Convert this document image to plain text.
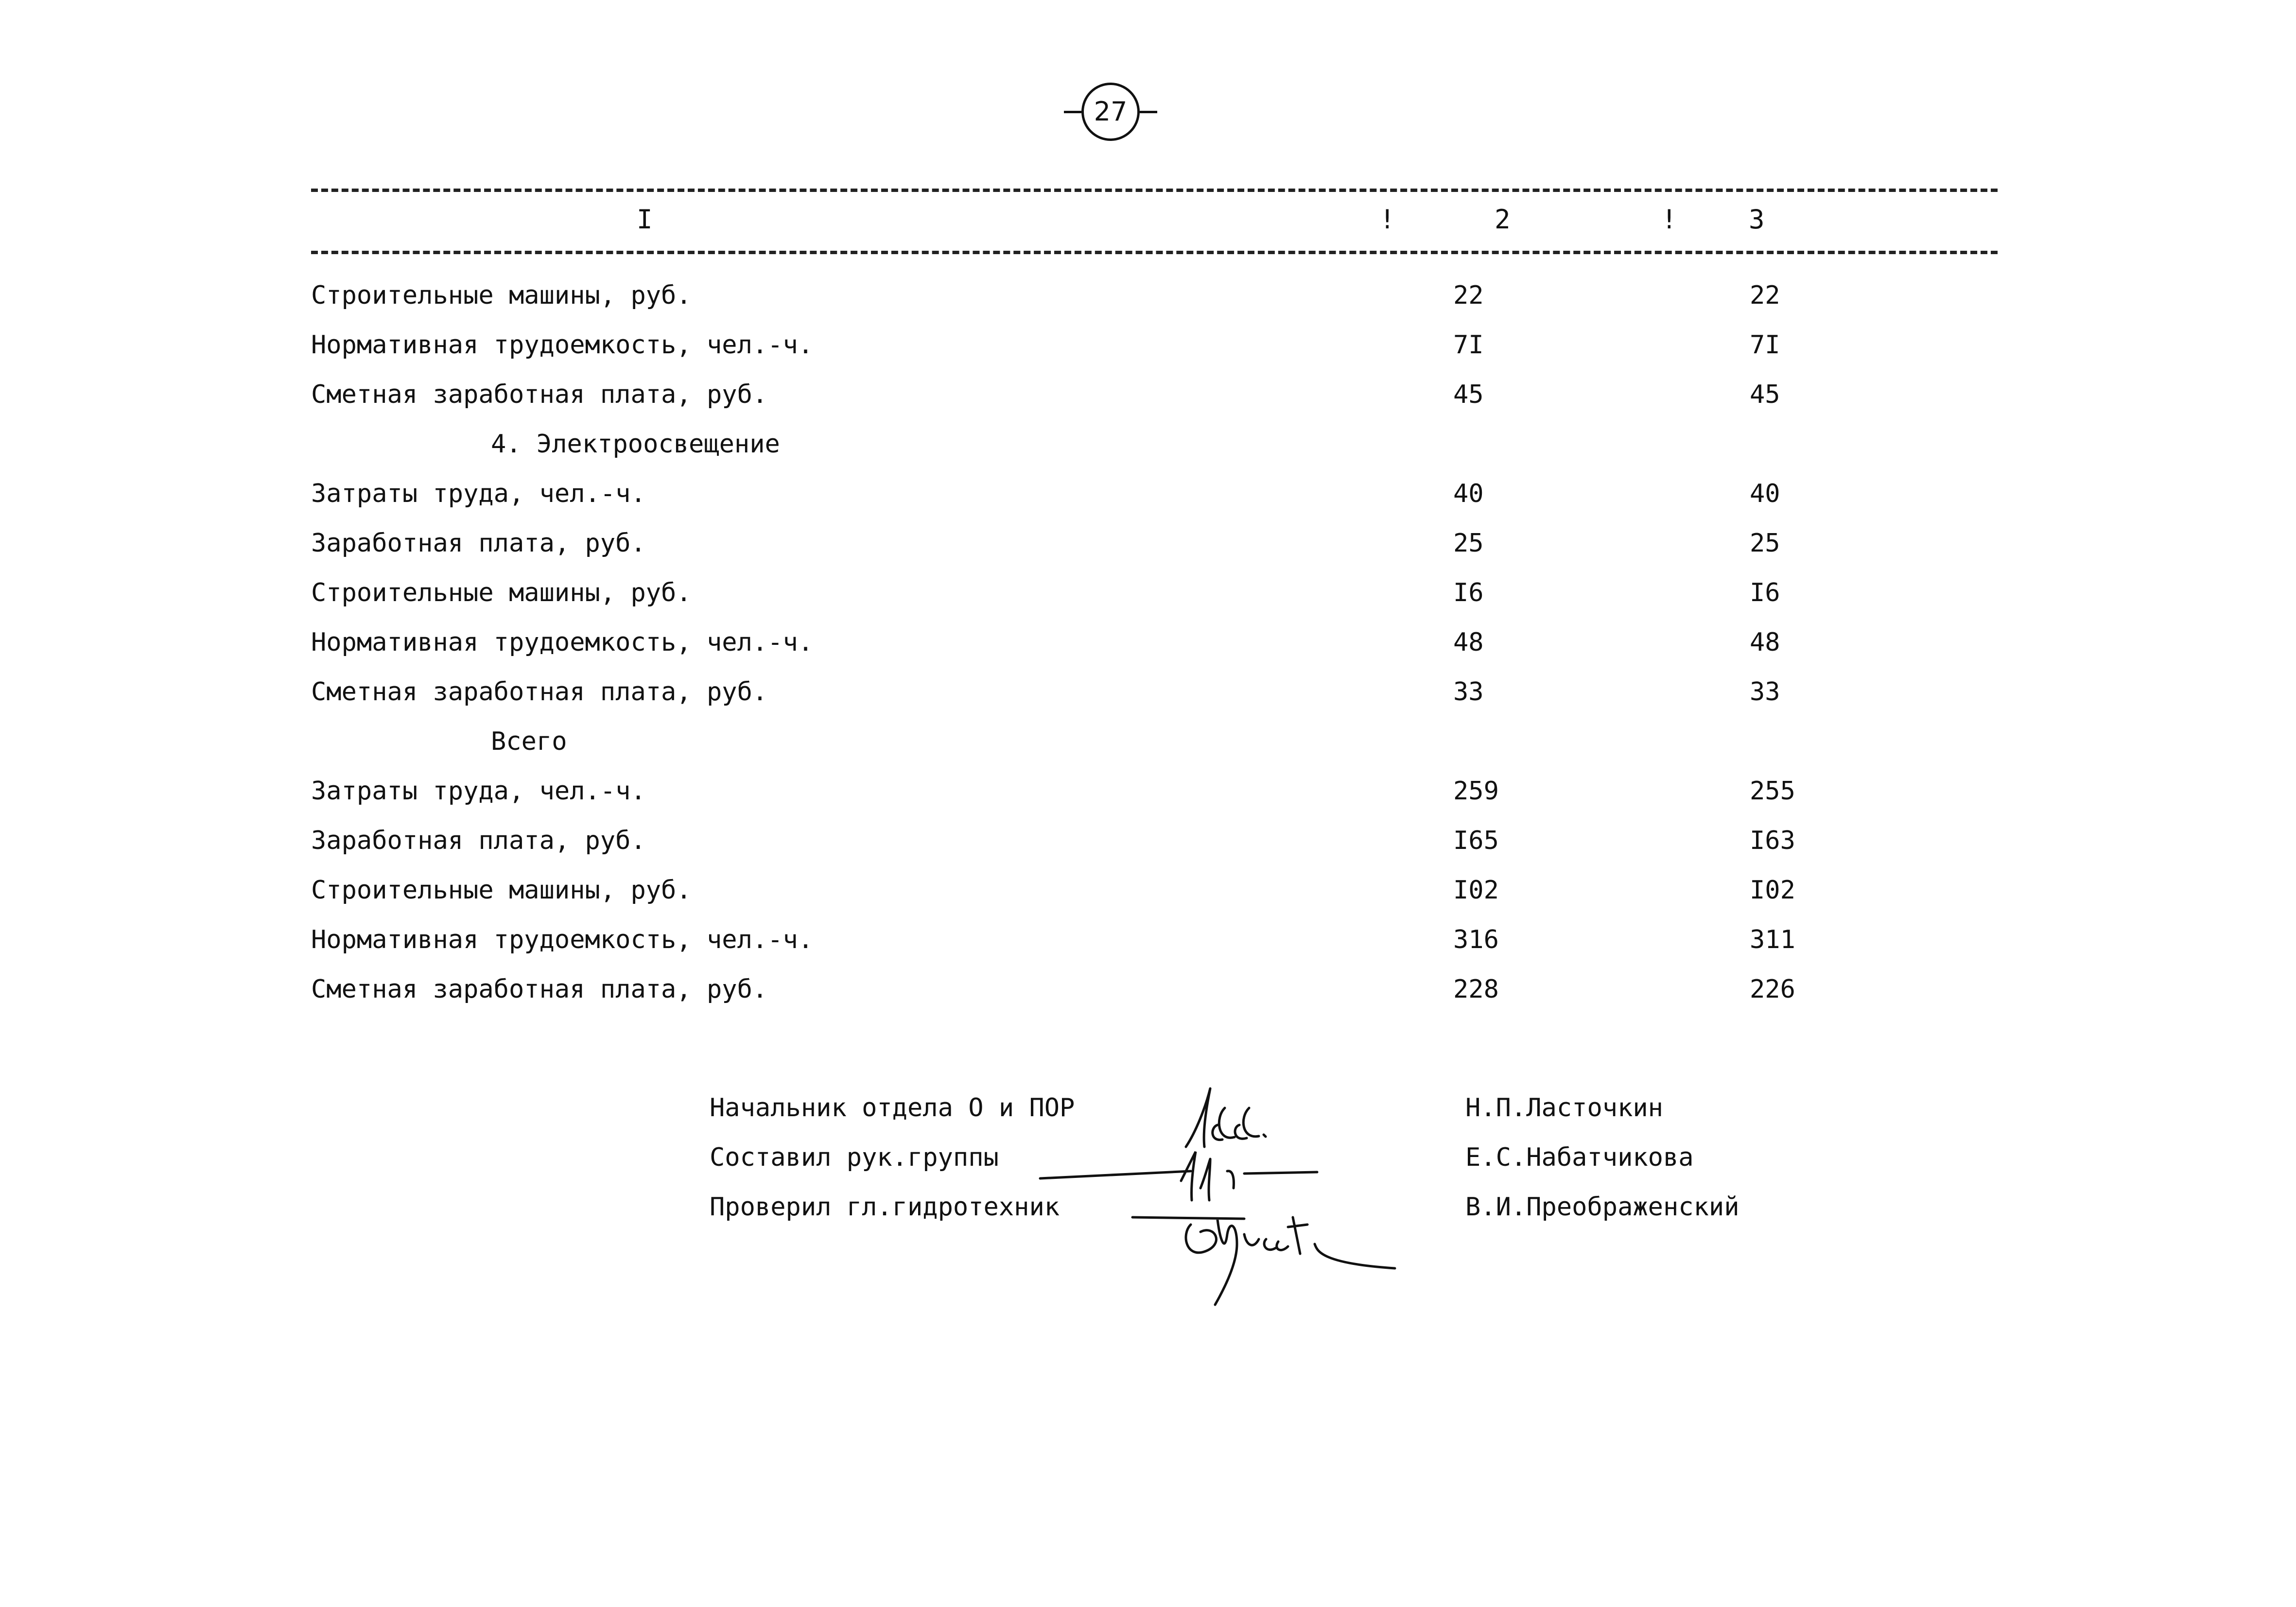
27
I	!	2	!	3
Строительные машины, руб.	22	22
Нормативная трудоемкость, чел.-ч.	7I	7I
Сметная заработная плата, руб.	45	45
4. Электроосвещение
Затраты труда, чел.-ч.	40	40
Заработная плата, руб.	25	25
Строительные машины, руб.	I6	I6
Нормативная трудоемкость, чел.-ч.	48	48
Сметная заработная плата, руб.	33	33
Всего
Затраты труда, чел.-ч.	259	255
Заработная плата, руб.	I65	I63
Строительные машины, руб.	I02	I02
Нормативная трудоемкость, чел.-ч.	316	311
Сметная заработная плата, руб.	228	226
Начальник отдела О и ПОР	Н.П.Ласточкин
Составил рук.группы	Е.С.Набатчикова
Проверил гл.гидротехник	В.И.Преображенский
